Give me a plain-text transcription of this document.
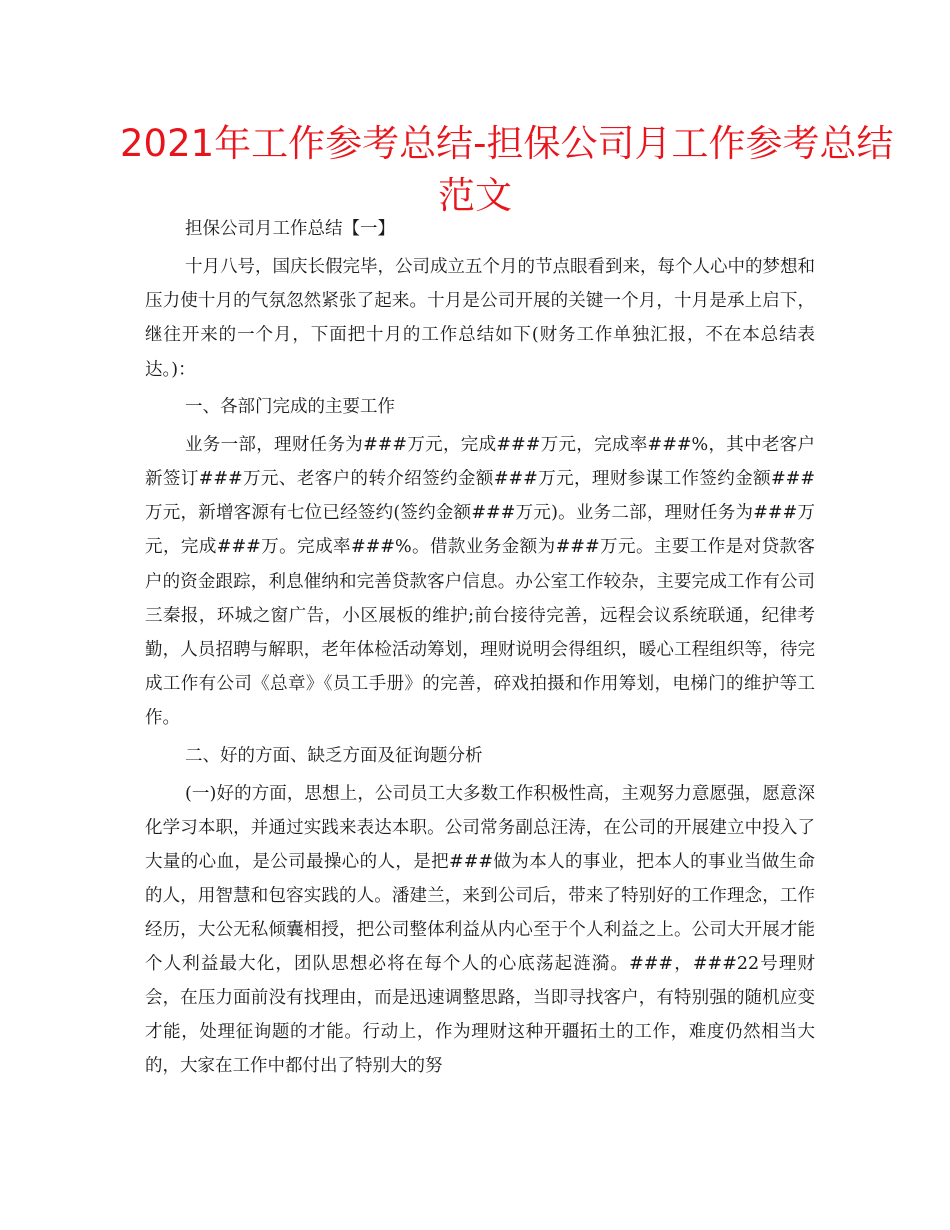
2021年工作参考总结-担保公司月工作参考总结
范文

担保公司月工作总结【一】

十月八号，国庆长假完毕，公司成立五个月的节点眼看到来，每个人心中的梦想和压力使十月的气氛忽然紧张了起来。十月是公司开展的关键一个月，十月是承上启下，继往开来的一个月，下面把十月的工作总结如下(财务工作单独汇报，不在本总结表达。)：

一、各部门完成的主要工作

业务一部，理财任务为###万元，完成###万元，完成率###%，其中老客户新签订###万元、老客户的转介绍签约金额###万元，理财参谋工作签约金额###万元，新增客源有七位已经签约(签约金额###万元)。业务二部，理财任务为###万元，完成###万。完成率###%。借款业务金额为###万元。主要工作是对贷款客户的资金跟踪，利息催纳和完善贷款客户信息。办公室工作较杂，主要完成工作有公司三秦报，环城之窗广告，小区展板的维护;前台接待完善，远程会议系统联通，纪律考勤，人员招聘与解职，老年体检活动筹划，理财说明会得组织，暖心工程组织等，待完成工作有公司《总章》《员工手册》的完善，碎戏拍摄和作用筹划，电梯门的维护等工作。

二、好的方面、缺乏方面及征询题分析

(一)好的方面，思想上，公司员工大多数工作积极性高，主观努力意愿强，愿意深化学习本职，并通过实践来表达本职。公司常务副总汪涛，在公司的开展建立中投入了大量的心血，是公司最操心的人，是把###做为本人的事业，把本人的事业当做生命的人，用智慧和包容实践的人。潘建兰，来到公司后，带来了特别好的工作理念，工作经历，大公无私倾囊相授，把公司整体利益从内心至于个人利益之上。公司大开展才能个人利益最大化，团队思想必将在每个人的心底荡起涟漪。###，###22号理财会，在压力面前没有找理由，而是迅速调整思路，当即寻找客户，有特别强的随机应变才能，处理征询题的才能。行动上，作为理财这种开疆拓土的工作，难度仍然相当大的，大家在工作中都付出了特别大的努
